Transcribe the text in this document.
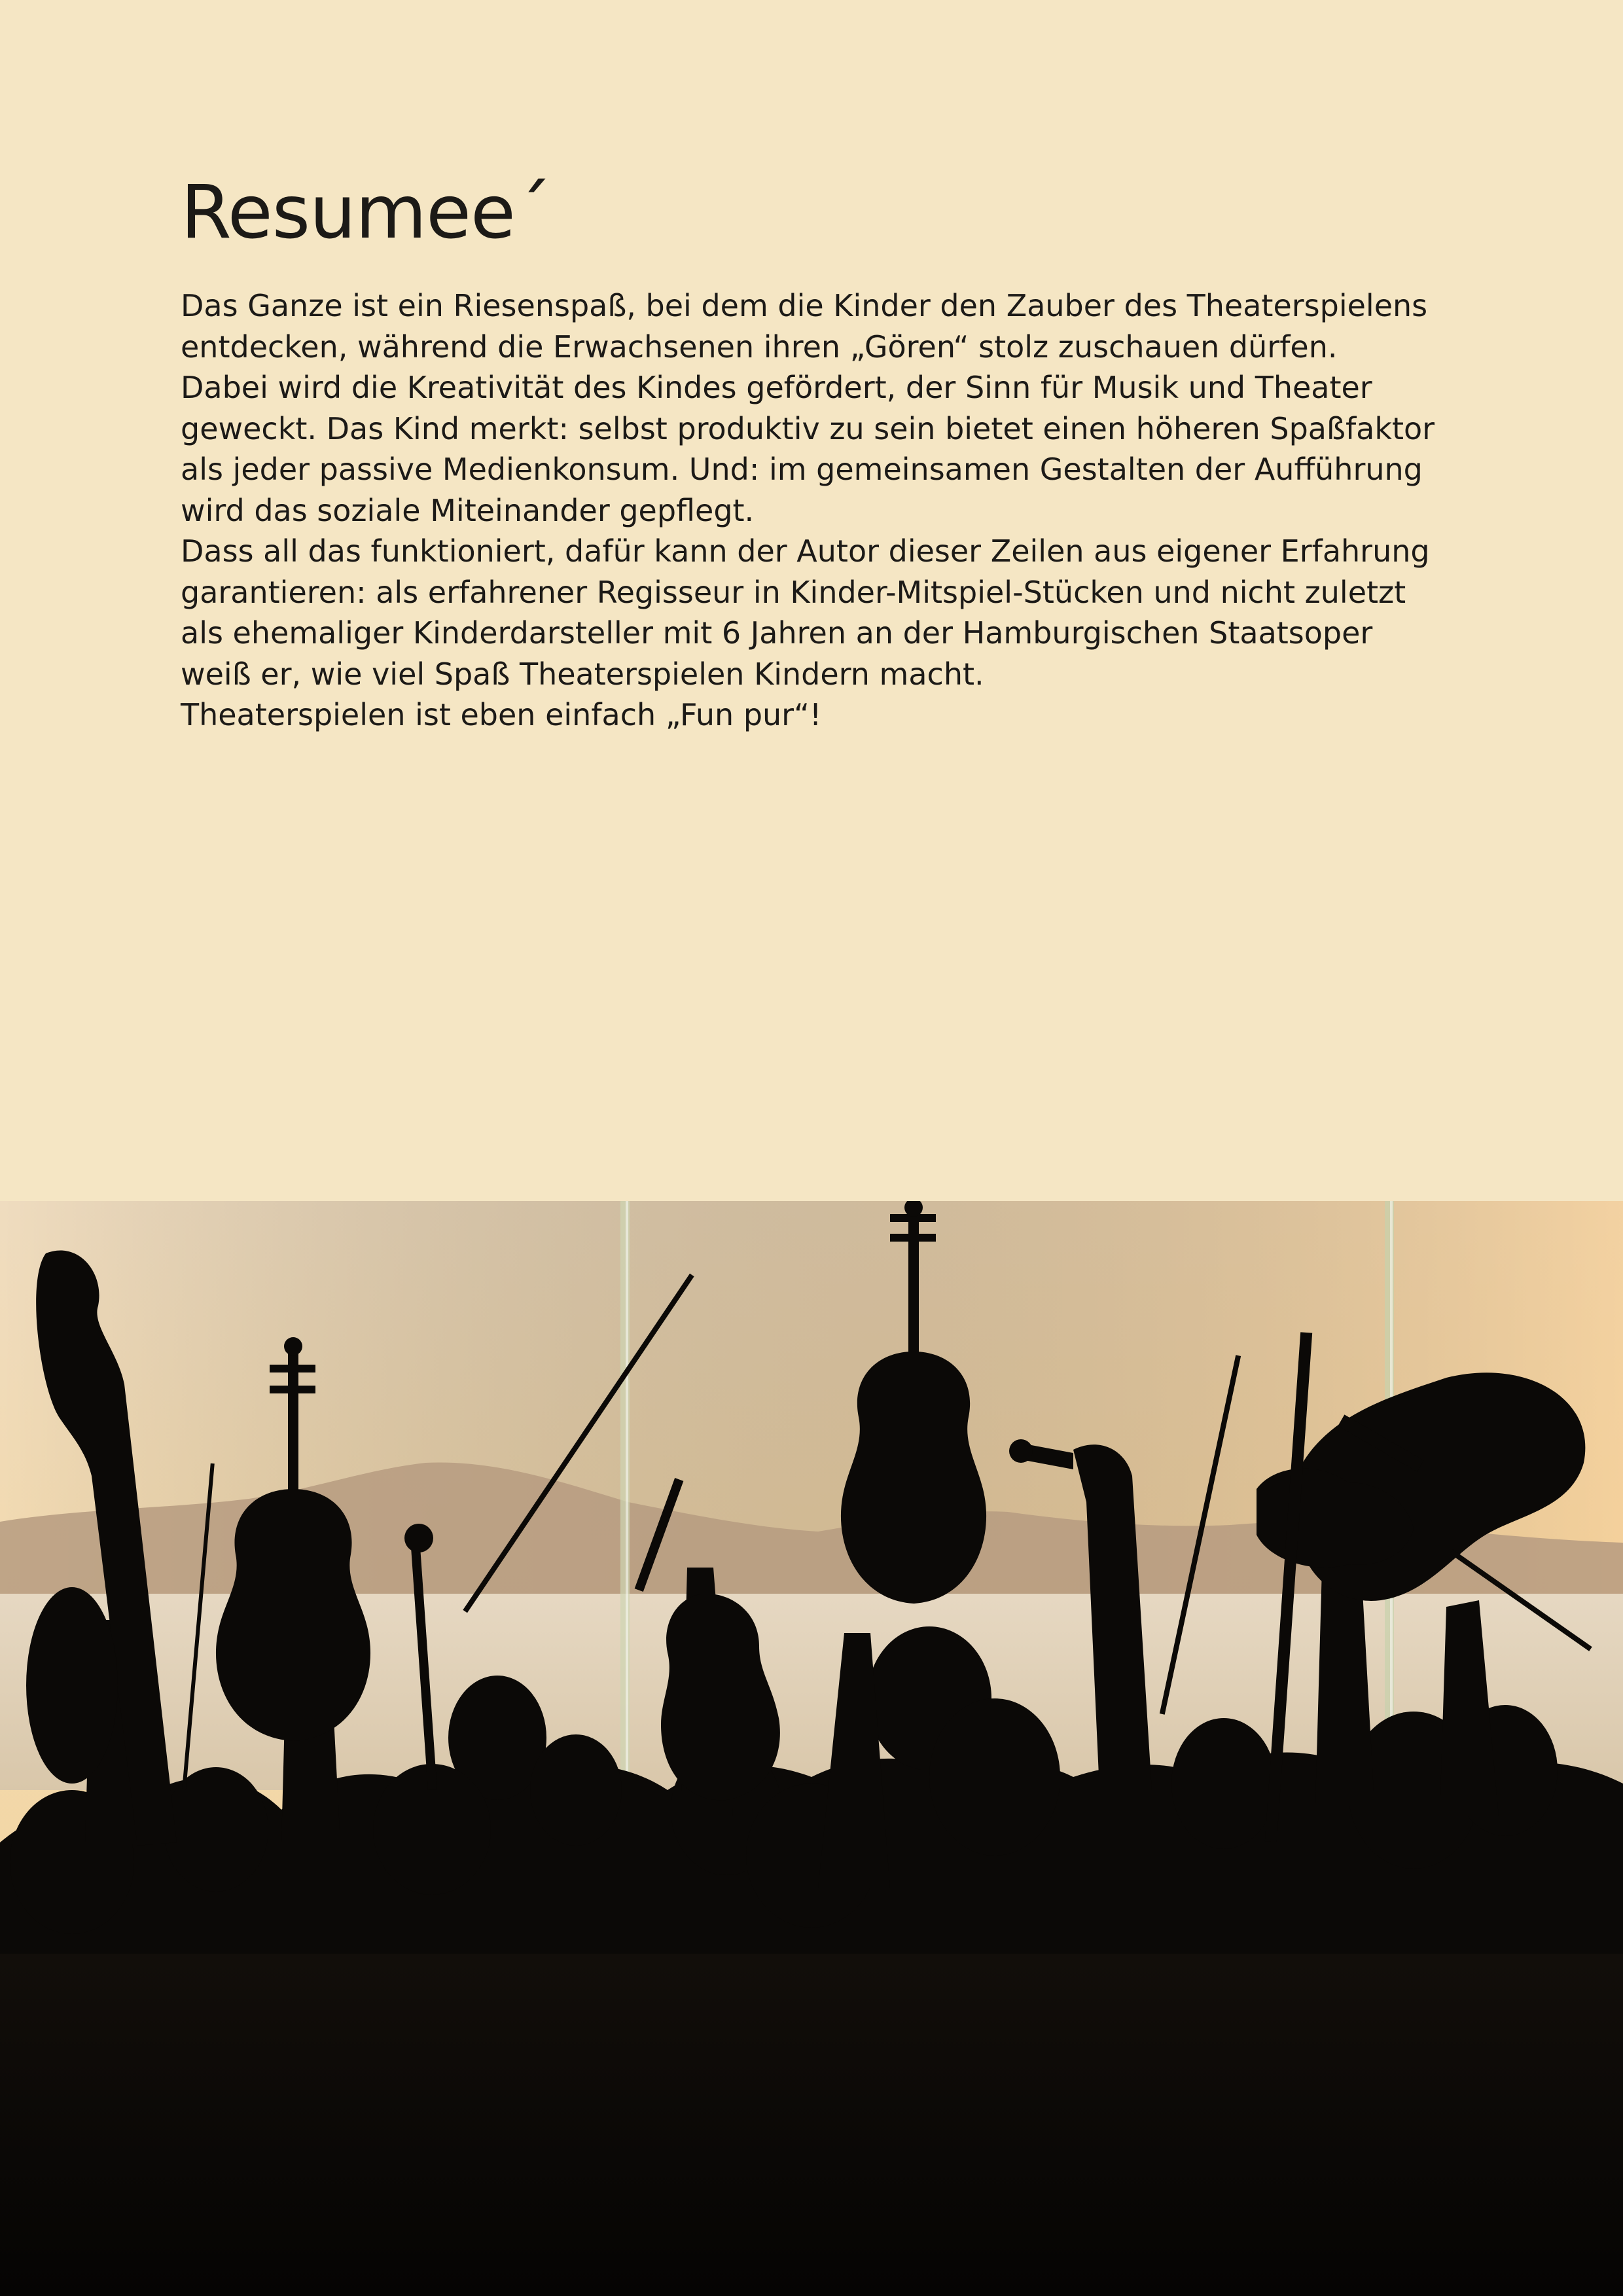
Resumee´

Das Ganze ist ein Riesenspaß, bei dem die Kinder den Zauber des Theaterspielens

entdecken, während die Erwachsenen ihren „Gören“ stolz zuschauen dürfen.

Dabei wird die Kreativität des Kindes gefördert, der Sinn für Musik und Theater

geweckt. Das Kind merkt: selbst produktiv zu sein bietet einen höheren Spaßfaktor

als jeder passive Medienkonsum. Und: im gemeinsamen Gestalten der Aufführung

wird das soziale Miteinander gepflegt.

Dass all das funktioniert, dafür kann der Autor dieser Zeilen aus eigener Erfahrung

garantieren: als erfahrener Regisseur in Kinder-Mitspiel-Stücken und nicht zuletzt

als ehemaliger Kinderdarsteller mit 6 Jahren an der Hamburgischen Staatsoper

weiß er, wie viel Spaß Theaterspielen Kindern macht.

Theaterspielen ist eben einfach „Fun pur“!
